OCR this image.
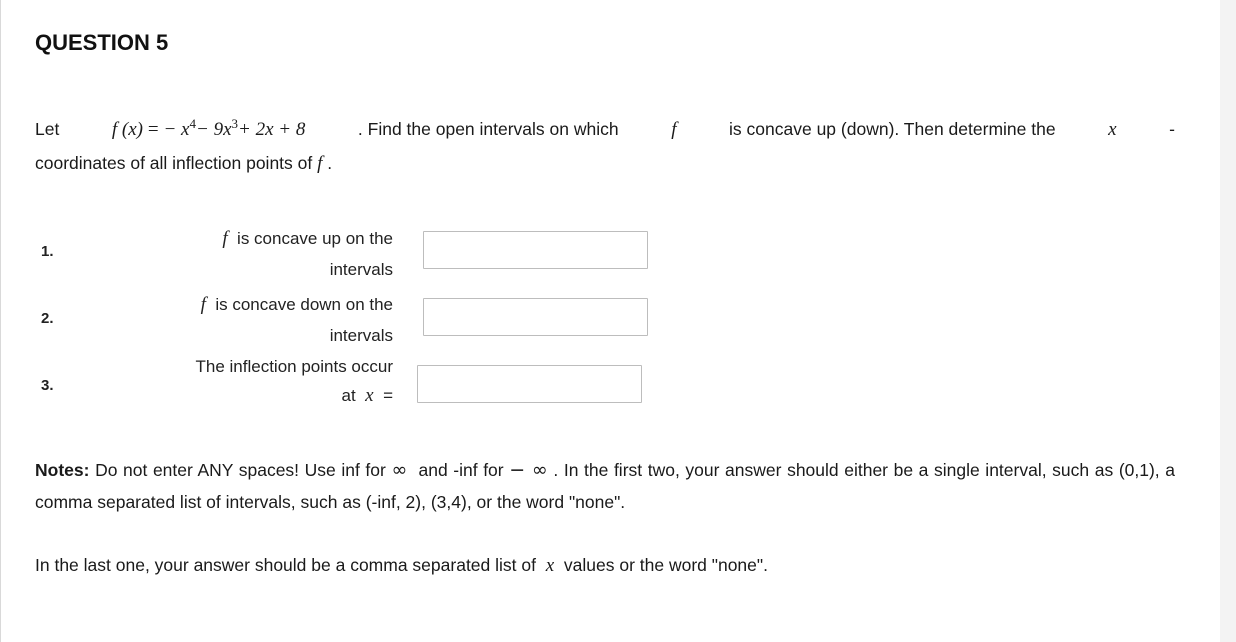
QUESTION 5
Let	f (x) = − $x^4- 9x^3+ 2x + 8$	. Find the open intervals on which	f	is concave up (down). Then determine the	x	-
coordinates of all inflection points of f .
1.
f is concave up on the
intervals
2.
f is concave down on the
intervals
3.
The inflection points occur
at x =
Notes: Do not enter ANY spaces! Use inf for ∞ and -inf for − ∞ . In the first two, your answer should either be a single interval, such as (0,1), a comma separated list of intervals, such as (-inf, 2), (3,4), or the word "none".
In the last one, your answer should be a comma separated list of x values or the word "none".
